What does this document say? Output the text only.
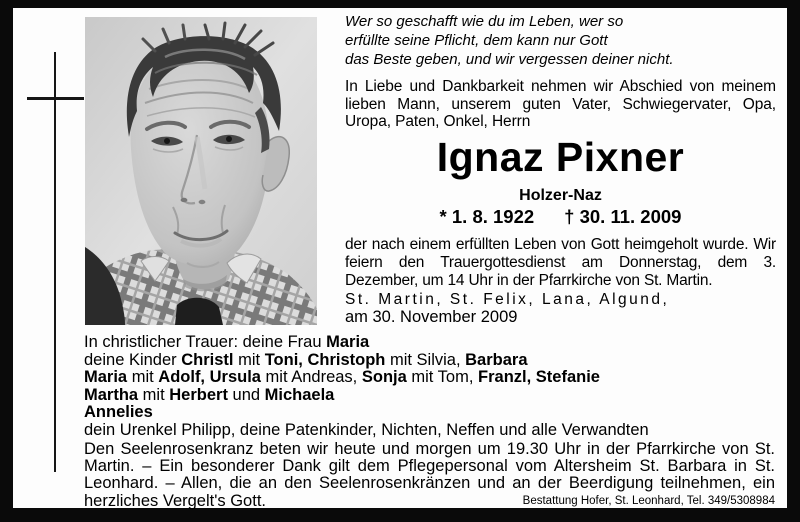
Wer so geschafft wie du im Leben, wer so
erfüllte seine Pflicht, dem kann nur Gott
das Beste geben, und wir vergessen deiner nicht.

In Liebe und Dankbarkeit nehmen wir Abschied von meinem lieben Mann, unserem guten Vater, Schwiegervater, Opa, Uropa, Paten, Onkel, Herrn

Ignaz Pixner
Holzer-Naz
* 1. 8. 1922 † 30. 11. 2009

der nach einem erfüllten Leben von Gott heimgeholt wurde. Wir feiern den Trauergottesdienst am Donnerstag, dem 3. Dezember, um 14 Uhr in der Pfarrkirche von St. Martin.

St. Martin, St. Felix, Lana, Algund,
am 30. November 2009
In christlicher Trauer: deine Frau Maria
deine Kinder Christl mit Toni, Christoph mit Silvia, Barbara
Maria mit Adolf, Ursula mit Andreas, Sonja mit Tom, Franzl, Stefanie
Martha mit Herbert und Michaela
Annelies
dein Urenkel Philipp, deine Patenkinder, Nichten, Neffen und alle Verwandten

Den Seelenrosenkranz beten wir heute und morgen um 19.30 Uhr in der Pfarrkirche von St. Martin. – Ein besonderer Dank gilt dem Pflegepersonal vom Altersheim St. Barbara in St. Leonhard. – Allen, die an den Seelenrosenkränzen und an der Beerdigung teilnehmen, ein herzliches Vergelt's Gott.	Bestattung Hofer, St. Leonhard, Tel. 349/5308984
